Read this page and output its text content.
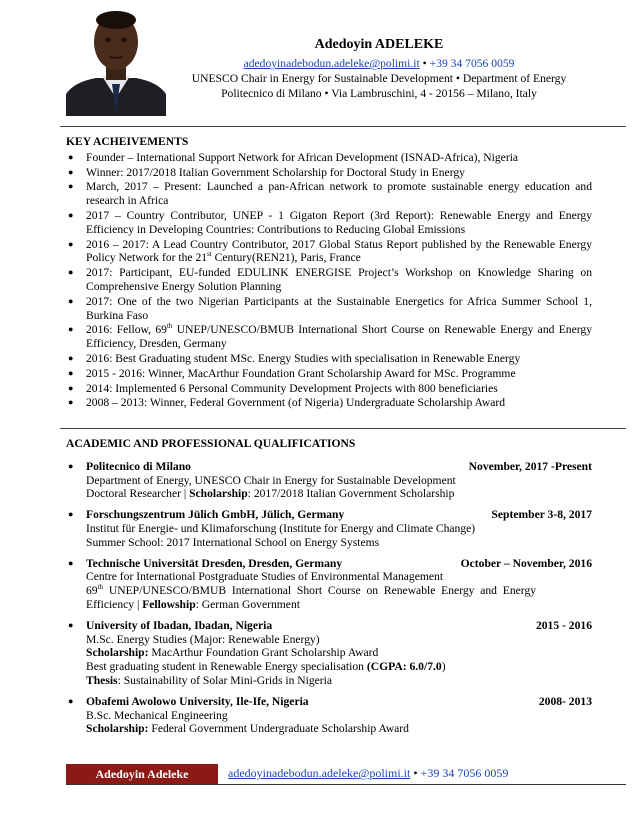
Adedoyin ADELEKE
adedoyinadebodun.adeleke@polimi.it • +39 34 7056 0059
UNESCO Chair in Energy for Sustainable Development • Department of Energy
Politecnico di Milano • Via Lambruschini, 4 - 20156 – Milano, Italy
KEY ACHEIVEMENTS
● Founder – International Support Network for African Development (ISNAD-Africa), Nigeria
● Winner: 2017/2018 Italian Government Scholarship for Doctoral Study in Energy
● March, 2017 – Present: Launched a pan-African network to promote sustainable energy education and research in Africa
● 2017 – Country Contributor, UNEP - 1 Gigaton Report (3rd Report): Renewable Energy and Energy Efficiency in Developing Countries: Contributions to Reducing Global Emissions
● 2016 – 2017: A Lead Country Contributor, 2017 Global Status Report published by the Renewable Energy Policy Network for the 21st Century(REN21), Paris, France
● 2017: Participant, EU-funded EDULINK ENERGISE Project’s Workshop on Knowledge Sharing on Comprehensive Energy Solution Planning
● 2017: One of the two Nigerian Participants at the Sustainable Energetics for Africa Summer School 1, Burkina Faso
● 2016: Fellow, 69th UNEP/UNESCO/BMUB International Short Course on Renewable Energy and Energy Efficiency, Dresden, Germany
● 2016: Best Graduating student MSc. Energy Studies with specialisation in Renewable Energy
● 2015 - 2016: Winner, MacArthur Foundation Grant Scholarship Award for MSc. Programme
● 2014: Implemented 6 Personal Community Development Projects with 800 beneficiaries
● 2008 – 2013: Winner, Federal Government (of Nigeria) Undergraduate Scholarship Award
ACADEMIC AND PROFESSIONAL QUALIFICATIONS
● Politecnico di Milano	November, 2017 -Present
Department of Energy, UNESCO Chair in Energy for Sustainable Development
Doctoral Researcher | Scholarship: 2017/2018 Italian Government Scholarship
● Forschungszentrum Jülich GmbH, Jülich, Germany	September 3-8, 2017
Institut für Energie- und Klimaforschung (Institute for Energy and Climate Change)
Summer School: 2017 International School on Energy Systems
● Technische Universität Dresden, Dresden, Germany	October – November, 2016
Centre for International Postgraduate Studies of Environmental Management
69th  UNEP/UNESCO/BMUB  International  Short  Course  on  Renewable  Energy  and  Energy
Efficiency | Fellowship: German Government
● University of Ibadan, Ibadan, Nigeria	2015 - 2016
M.Sc. Energy Studies (Major: Renewable Energy)
Scholarship: MacArthur Foundation Grant Scholarship Award
Best graduating student in Renewable Energy specialisation (CGPA: 6.0/7.0)
Thesis: Sustainability of Solar Mini-Grids in Nigeria
● Obafemi Awolowo University, Ile-Ife, Nigeria	2008- 2013
B.Sc. Mechanical Engineering
Scholarship: Federal Government Undergraduate Scholarship Award
Adedoyin Adeleke	adedoyinadebodun.adeleke@polimi.it • +39 34 7056 0059
